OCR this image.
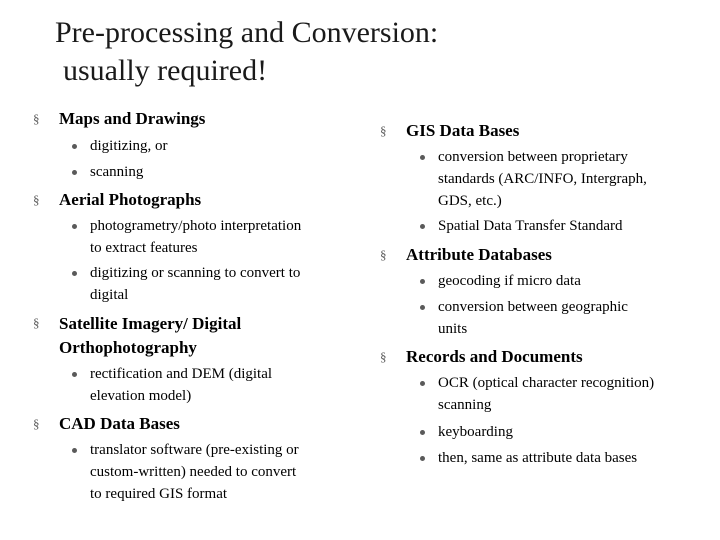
Pre-processing and Conversion:
usually required!
§ Maps and Drawings
digitizing, or
scanning
§ Aerial Photographs
photogrametry/photo interpretation
to extract features
digitizing or scanning to convert to
digital
§ Satellite Imagery/ Digital
Orthophotography
rectification and DEM (digital
elevation model)
§ CAD Data Bases
translator software (pre-existing or
custom-written) needed to convert
to required GIS format
§ GIS Data Bases
conversion between proprietary
standards (ARC/INFO, Intergraph,
GDS, etc.)
Spatial Data Transfer Standard
§ Attribute Databases
geocoding if micro data
conversion between geographic
units
§ Records and Documents
OCR (optical character recognition)
scanning
keyboarding
then, same as attribute data bases
